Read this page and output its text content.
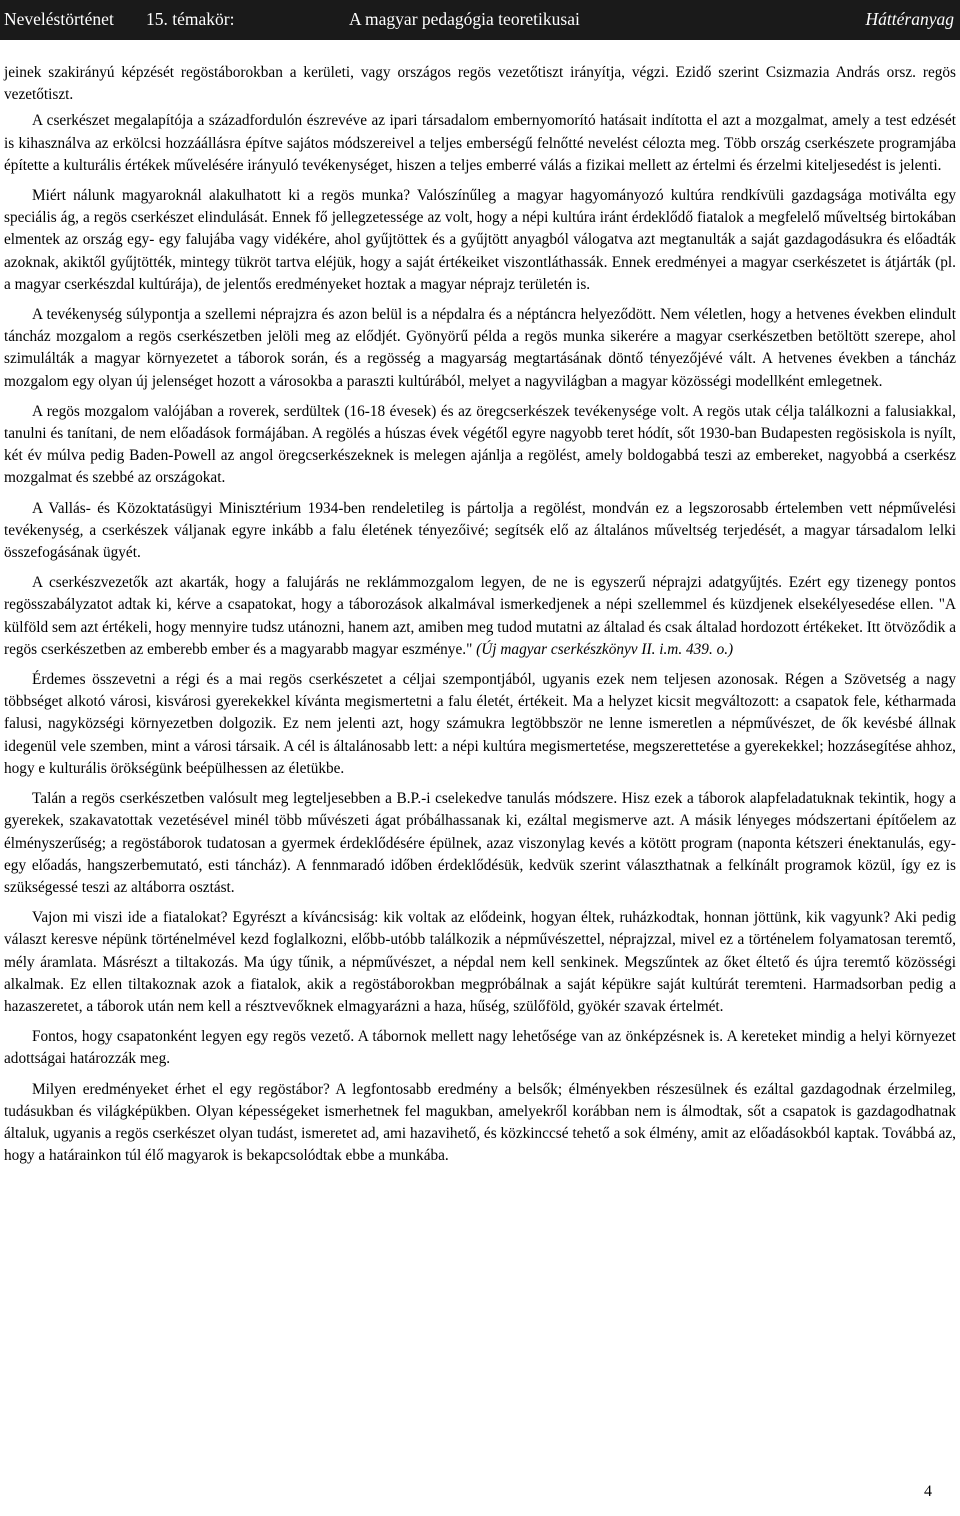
Neveléstörténet 15. témakör:	A magyar pedagógia teoretikusai	Háttéranyag

jeinek szakirányú képzését regöstáborokban a kerületi, vagy országos regös vezetőtiszt irányítja, végzi. Ezidő szerint Csizmazia András orsz. regös vezetőtiszt.

A cserkészet megalapítója a századfordulón észrevéve az ipari társadalom embernyomorító hatásait indította el azt a mozgalmat, amely a test edzését is kihasználva az erkölcsi hozzáállásra építve sajátos módszereivel a teljes emberségű felnőtté nevelést célozta meg. Több ország cserkészete programjába építette a kulturális értékek művelésére irányuló tevékenységet, hiszen a teljes emberré válás a fizikai mellett az értelmi és érzelmi kiteljesedést is jelenti.

Miért nálunk magyaroknál alakulhatott ki a regös munka? Valószínűleg a magyar hagyományozó kultúra rendkívüli gazdagsága motiválta egy speciális ág, a regös cserkészet elindulását. Ennek fő jellegzetessége az volt, hogy a népi kultúra iránt érdeklődő fiatalok a megfelelő műveltség birtokában elmentek az ország egy- egy falujába vagy vidékére, ahol gyűjtöttek és a gyűjtött anyagból válogatva azt megtanulták a saját gazdagodásukra és előadták azoknak, akiktől gyűjtötték, mintegy tükröt tartva eléjük, hogy a saját értékeiket viszontláthassák. Ennek eredményei a magyar cserkészetet is átjárták (pl. a magyar cserkészdal kultúrája), de jelentős eredményeket hoztak a magyar néprajz területén is.

A tevékenység súlypontja a szellemi néprajzra és azon belül is a népdalra és a néptáncra helyeződött. Nem véletlen, hogy a hetvenes években elindult táncház mozgalom a regös cserkészetben jelöli meg az elődjét. Gyönyörű példa a regös munka sikerére a magyar cserkészetben betöltött szerepe, ahol szimulálták a magyar környezetet a táborok során, és a regösség a magyarság megtartásának döntő tényezőjévé vált. A hetvenes években a táncház mozgalom egy olyan új jelenséget hozott a városokba a paraszti kultúrából, melyet a nagyvilágban a magyar közösségi modellként emlegetnek.

A regös mozgalom valójában a roverek, serdültek (16-18 évesek) és az öregcserkészek tevékenysége volt. A regös utak célja találkozni a falusiakkal, tanulni és tanítani, de nem előadások formájában. A regölés a húszas évek végétől egyre nagyobb teret hódít, sőt 1930-ban Budapesten regösiskola is nyílt, két év múlva pedig Baden-Powell az angol öregcserkészeknek is melegen ajánlja a regölést, amely boldogabbá teszi az embereket, nagyobbá a cserkész mozgalmat és szebbé az országokat.

A Vallás- és Közoktatásügyi Minisztérium 1934-ben rendeletileg is pártolja a regölést, mondván ez a legszorosabb értelemben vett népművelési tevékenység, a cserkészek váljanak egyre inkább a falu életének tényezőivé; segítsék elő az általános műveltség terjedését, a magyar társadalom lelki összefogásának ügyét.

A cserkészvezetők azt akarták, hogy a falujárás ne reklámmozgalom legyen, de ne is egyszerű néprajzi adatgyűjtés. Ezért egy tizenegy pontos regösszabályzatot adtak ki, kérve a csapatokat, hogy a táborozások alkalmával ismerkedjenek a népi szellemmel és küzdjenek elsekélyesedése ellen. "A külföld sem azt értékeli, hogy mennyire tudsz utánozni, hanem azt, amiben meg tudod mutatni az általad és csak általad hordozott értékeket. Itt ötvöződik a regös cserkészetben az emberebb ember és a magyarabb magyar eszménye." (Új magyar cserkészkönyv II. i.m. 439. o.)

Érdemes összevetni a régi és a mai regös cserkészetet a céljai szempontjából, ugyanis ezek nem teljesen azonosak. Régen a Szövetség a nagy többséget alkotó városi, kisvárosi gyerekekkel kívánta megismertetni a falu életét, értékeit. Ma a helyzet kicsit megváltozott: a csapatok fele, kétharmada falusi, nagyközségi környezetben dolgozik. Ez nem jelenti azt, hogy számukra legtöbbször ne lenne ismeretlen a népművészet, de ők kevésbé állnak idegenül vele szemben, mint a városi társaik. A cél is általánosabb lett: a népi kultúra megismertetése, megszerettetése a gyerekekkel; hozzásegítése ahhoz, hogy e kulturális örökségünk beépülhessen az életükbe.

Talán a regös cserkészetben valósult meg legteljesebben a B.P.-i cselekedve tanulás módszere. Hisz ezek a táborok alapfeladatuknak tekintik, hogy a gyerekek, szakavatottak vezetésével minél több művészeti ágat próbálhassanak ki, ezáltal megismerve azt. A másik lényeges módszertani építőelem az élményszerűség; a regöstáborok tudatosan a gyermek érdeklődésére épülnek, azaz viszonylag kevés a kötött program (naponta kétszeri énektanulás, egy-egy előadás, hangszerbemutató, esti táncház). A fennmaradó időben érdeklődésük, kedvük szerint választhatnak a felkínált programok közül, így ez is szükségessé teszi az altáborra osztást.

Vajon mi viszi ide a fiatalokat? Egyrészt a kíváncsiság: kik voltak az elődeink, hogyan éltek, ruházkodtak, honnan jöttünk, kik vagyunk? Aki pedig választ keresve népünk történelmével kezd foglalkozni, előbb-utóbb találkozik a népművészettel, néprajzzal, mivel ez a történelem folyamatosan teremtő, mély áramlata. Másrészt a tiltakozás. Ma úgy tűnik, a népművészet, a népdal nem kell senkinek. Megszűntek az őket éltető és újra teremtő közösségi alkalmak. Ez ellen tiltakoznak azok a fiatalok, akik a regöstáborokban megpróbálnak a saját képükre saját kultúrát teremteni. Harmadsorban pedig a hazaszeretet, a táborok után nem kell a résztvevőknek elmagyarázni a haza, hűség, szülőföld, gyökér szavak értelmét.

Fontos, hogy csapatonként legyen egy regös vezető. A tábornok mellett nagy lehetősége van az önképzésnek is. A kereteket mindig a helyi környezet adottságai határozzák meg.

Milyen eredményeket érhet el egy regöstábor? A legfontosabb eredmény a belsők; élményekben részesülnek és ezáltal gazdagodnak érzelmileg, tudásukban és világképükben. Olyan képességeket ismerhetnek fel magukban, amelyekről korábban nem is álmodtak, sőt a csapatok is gazdagodhatnak általuk, ugyanis a regös cserkészet olyan tudást, ismeretet ad, ami hazavihető, és közkinccsé tehető a sok élmény, amit az előadásokból kaptak. Továbbá az, hogy a határainkon túl élő magyarok is bekapcsolódtak ebbe a munkába.

4
